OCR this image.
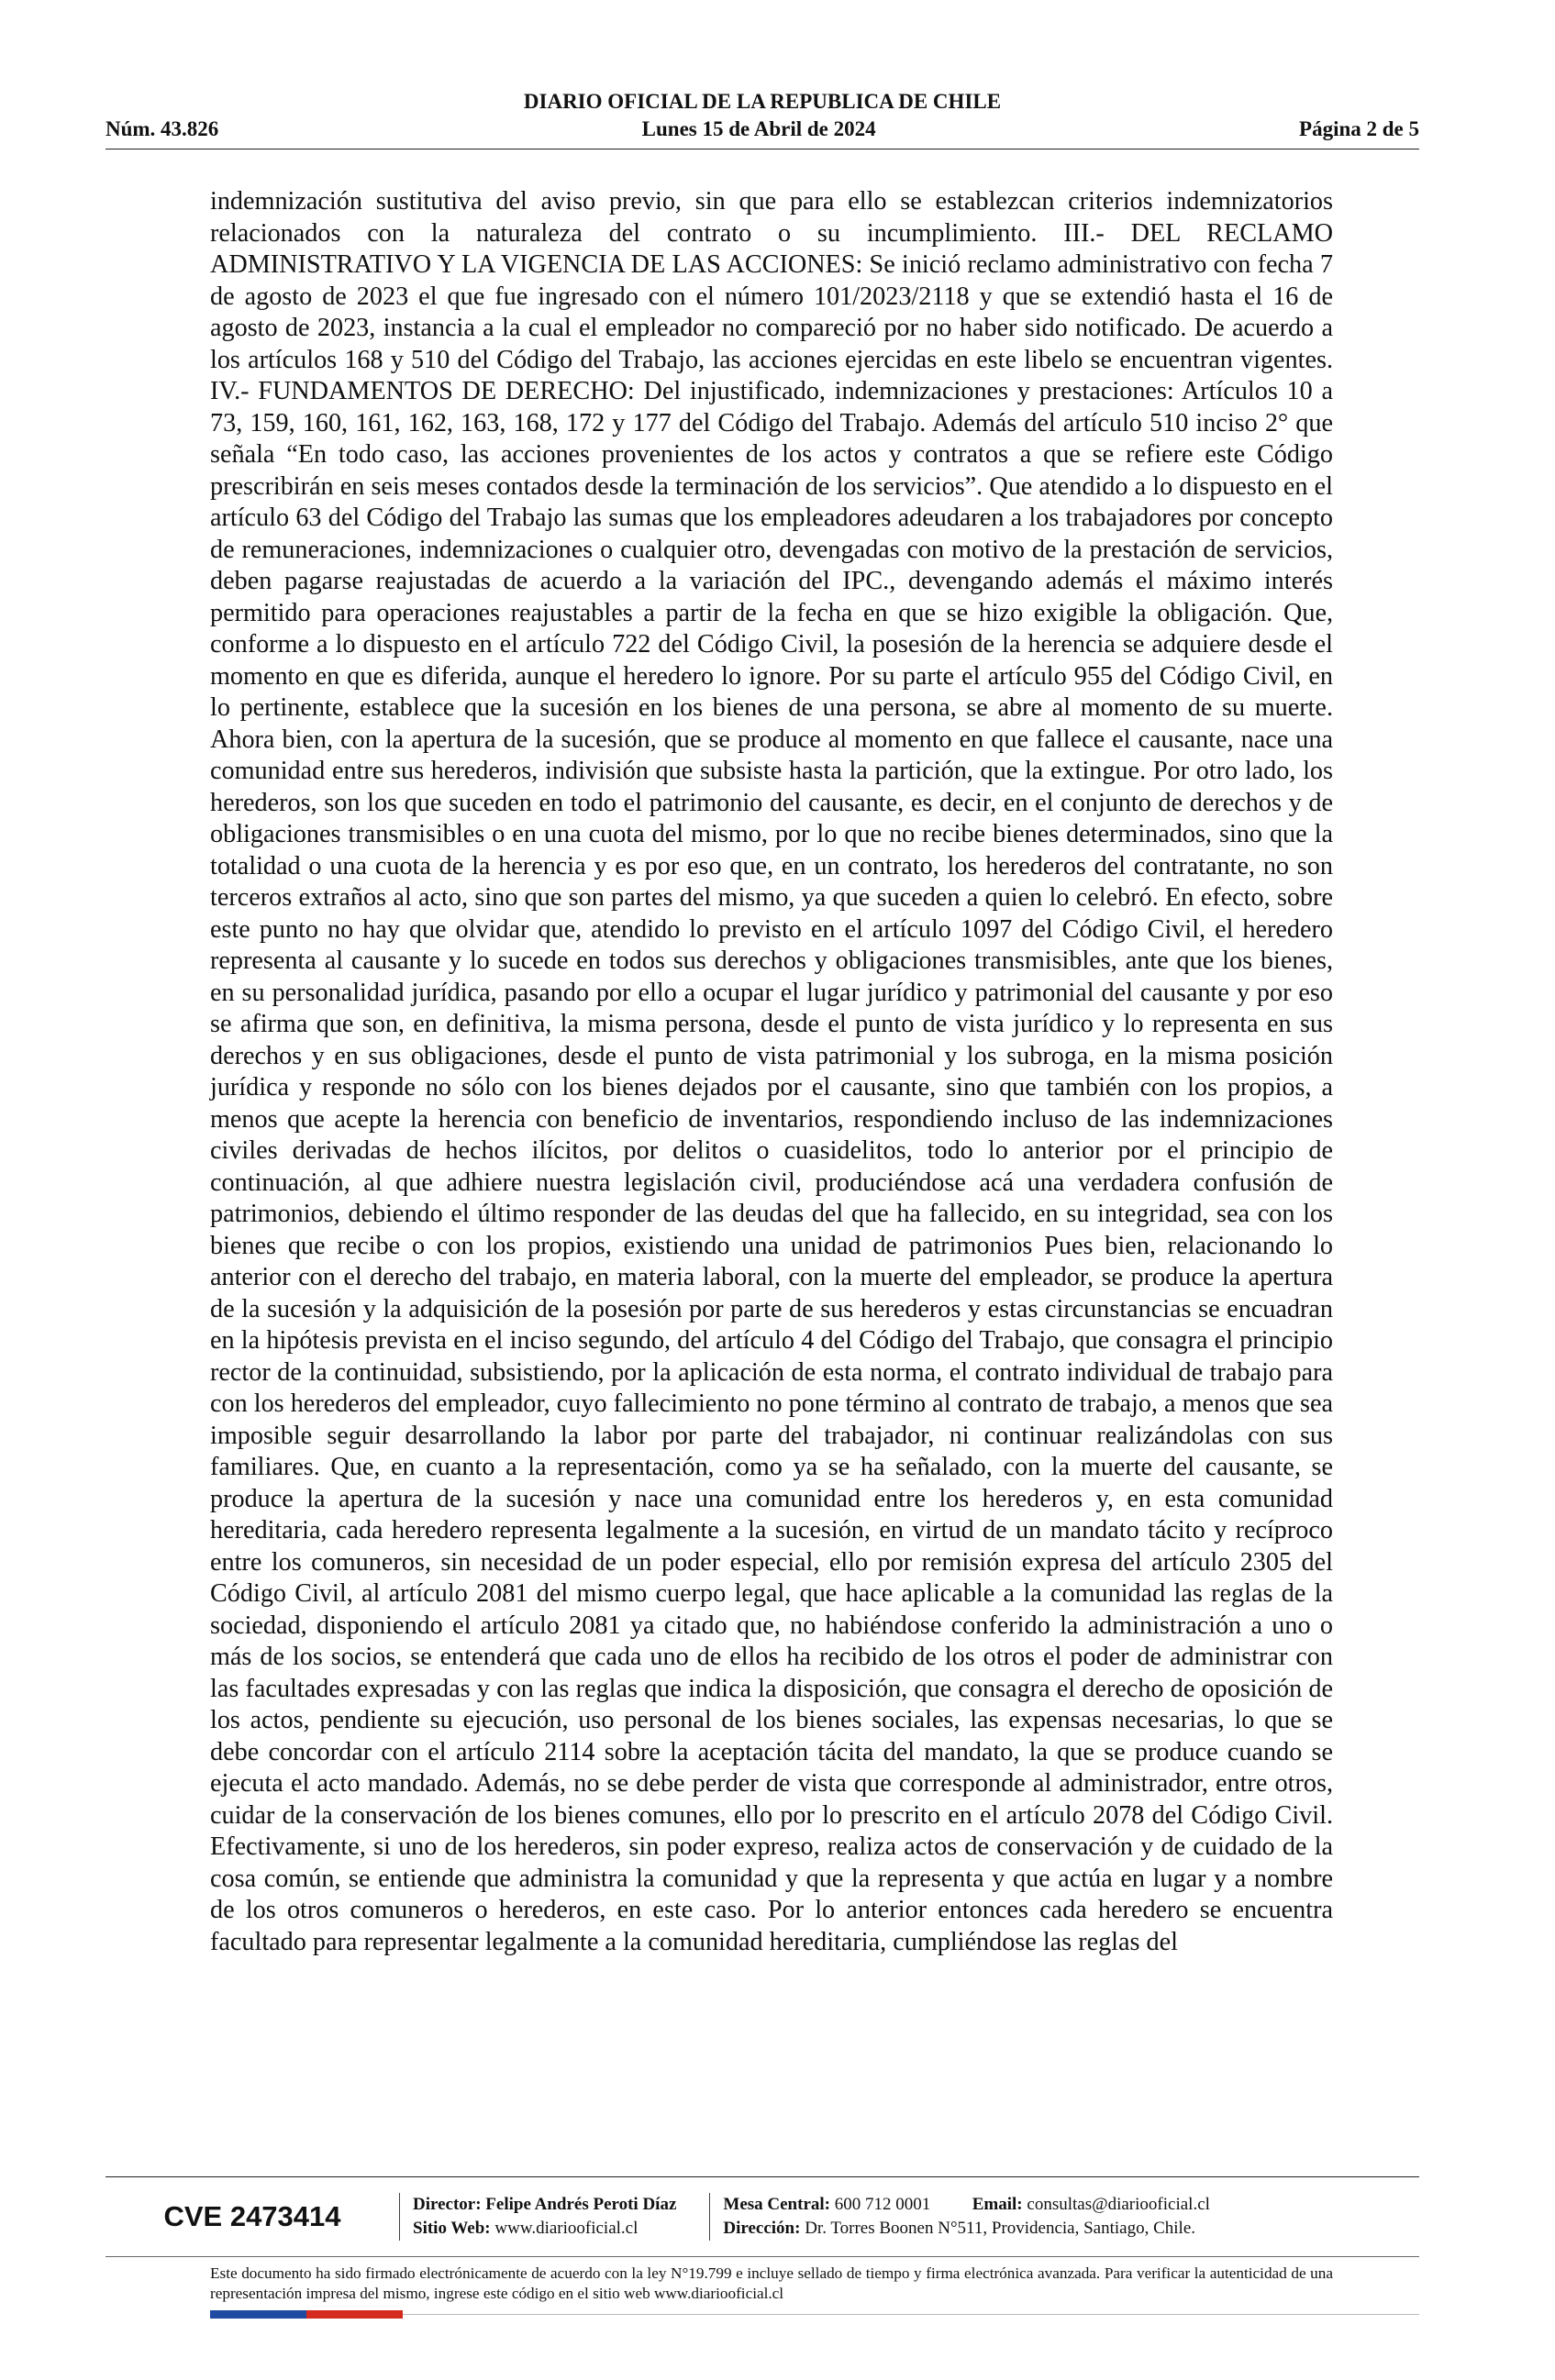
DIARIO OFICIAL DE LA REPUBLICA DE CHILE
Núm. 43.826	Lunes 15 de Abril de 2024	Página 2 de 5

indemnización sustitutiva del aviso previo, sin que para ello se establezcan criterios indemnizatorios relacionados con la naturaleza del contrato o su incumplimiento. III.- DEL RECLAMO ADMINISTRATIVO Y LA VIGENCIA DE LAS ACCIONES: Se inició reclamo administrativo con fecha 7 de agosto de 2023 el que fue ingresado con el número 101/2023/2118 y que se extendió hasta el 16 de agosto de 2023, instancia a la cual el empleador no compareció por no haber sido notificado. De acuerdo a los artículos 168 y 510 del Código del Trabajo, las acciones ejercidas en este libelo se encuentran vigentes. IV.- FUNDAMENTOS DE DERECHO: Del injustificado, indemnizaciones y prestaciones: Artículos 10 a 73, 159, 160, 161, 162, 163, 168, 172 y 177 del Código del Trabajo. Además del artículo 510 inciso 2° que señala “En todo caso, las acciones provenientes de los actos y contratos a que se refiere este Código prescribirán en seis meses contados desde la terminación de los servicios”. Que atendido a lo dispuesto en el artículo 63 del Código del Trabajo las sumas que los empleadores adeudaren a los trabajadores por concepto de remuneraciones, indemnizaciones o cualquier otro, devengadas con motivo de la prestación de servicios, deben pagarse reajustadas de acuerdo a la variación del IPC., devengando además el máximo interés permitido para operaciones reajustables a partir de la fecha en que se hizo exigible la obligación. Que, conforme a lo dispuesto en el artículo 722 del Código Civil, la posesión de la herencia se adquiere desde el momento en que es diferida, aunque el heredero lo ignore. Por su parte el artículo 955 del Código Civil, en lo pertinente, establece que la sucesión en los bienes de una persona, se abre al momento de su muerte. Ahora bien, con la apertura de la sucesión, que se produce al momento en que fallece el causante, nace una comunidad entre sus herederos, indivisión que subsiste hasta la partición, que la extingue. Por otro lado, los herederos, son los que suceden en todo el patrimonio del causante, es decir, en el conjunto de derechos y de obligaciones transmisibles o en una cuota del mismo, por lo que no recibe bienes determinados, sino que la totalidad o una cuota de la herencia y es por eso que, en un contrato, los herederos del contratante, no son terceros extraños al acto, sino que son partes del mismo, ya que suceden a quien lo celebró. En efecto, sobre este punto no hay que olvidar que, atendido lo previsto en el artículo 1097 del Código Civil, el heredero representa al causante y lo sucede en todos sus derechos y obligaciones transmisibles, ante que los bienes, en su personalidad jurídica, pasando por ello a ocupar el lugar jurídico y patrimonial del causante y por eso se afirma que son, en definitiva, la misma persona, desde el punto de vista jurídico y lo representa en sus derechos y en sus obligaciones, desde el punto de vista patrimonial y los subroga, en la misma posición jurídica y responde no sólo con los bienes dejados por el causante, sino que también con los propios, a menos que acepte la herencia con beneficio de inventarios, respondiendo incluso de las indemnizaciones civiles derivadas de hechos ilícitos, por delitos o cuasidelitos, todo lo anterior por el principio de continuación, al que adhiere nuestra legislación civil, produciéndose acá una verdadera confusión de patrimonios, debiendo el último responder de las deudas del que ha fallecido, en su integridad, sea con los bienes que recibe o con los propios, existiendo una unidad de patrimonios Pues bien, relacionando lo anterior con el derecho del trabajo, en materia laboral, con la muerte del empleador, se produce la apertura de la sucesión y la adquisición de la posesión por parte de sus herederos y estas circunstancias se encuadran en la hipótesis prevista en el inciso segundo, del artículo 4 del Código del Trabajo, que consagra el principio rector de la continuidad, subsistiendo, por la aplicación de esta norma, el contrato individual de trabajo para con los herederos del empleador, cuyo fallecimiento no pone término al contrato de trabajo, a menos que sea imposible seguir desarrollando la labor por parte del trabajador, ni continuar realizándolas con sus familiares. Que, en cuanto a la representación, como ya se ha señalado, con la muerte del causante, se produce la apertura de la sucesión y nace una comunidad entre los herederos y, en esta comunidad hereditaria, cada heredero representa legalmente a la sucesión, en virtud de un mandato tácito y recíproco entre los comuneros, sin necesidad de un poder especial, ello por remisión expresa del artículo 2305 del Código Civil, al artículo 2081 del mismo cuerpo legal, que hace aplicable a la comunidad las reglas de la sociedad, disponiendo el artículo 2081 ya citado que, no habiéndose conferido la administración a uno o más de los socios, se entenderá que cada uno de ellos ha recibido de los otros el poder de administrar con las facultades expresadas y con las reglas que indica la disposición, que consagra el derecho de oposición de los actos, pendiente su ejecución, uso personal de los bienes sociales, las expensas necesarias, lo que se debe concordar con el artículo 2114 sobre la aceptación tácita del mandato, la que se produce cuando se ejecuta el acto mandado. Además, no se debe perder de vista que corresponde al administrador, entre otros, cuidar de la conservación de los bienes comunes, ello por lo prescrito en el artículo 2078 del Código Civil. Efectivamente, si uno de los herederos, sin poder expreso, realiza actos de conservación y de cuidado de la cosa común, se entiende que administra la comunidad y que la representa y que actúa en lugar y a nombre de los otros comuneros o herederos, en este caso. Por lo anterior entonces cada heredero se encuentra facultado para representar legalmente a la comunidad hereditaria, cumpliéndose las reglas del

CVE 2473414	Director: Felipe Andrés Peroti Díaz
Sitio Web: www.diariooficial.cl
Mesa Central: 600 712 0001 Email: consultas@diariooficial.cl
Dirección: Dr. Torres Boonen N°511, Providencia, Santiago, Chile.
Este documento ha sido firmado electrónicamente de acuerdo con la ley N°19.799 e incluye sellado de tiempo y firma electrónica avanzada. Para verificar la autenticidad de una representación impresa del mismo, ingrese este código en el sitio web www.diariooficial.cl
